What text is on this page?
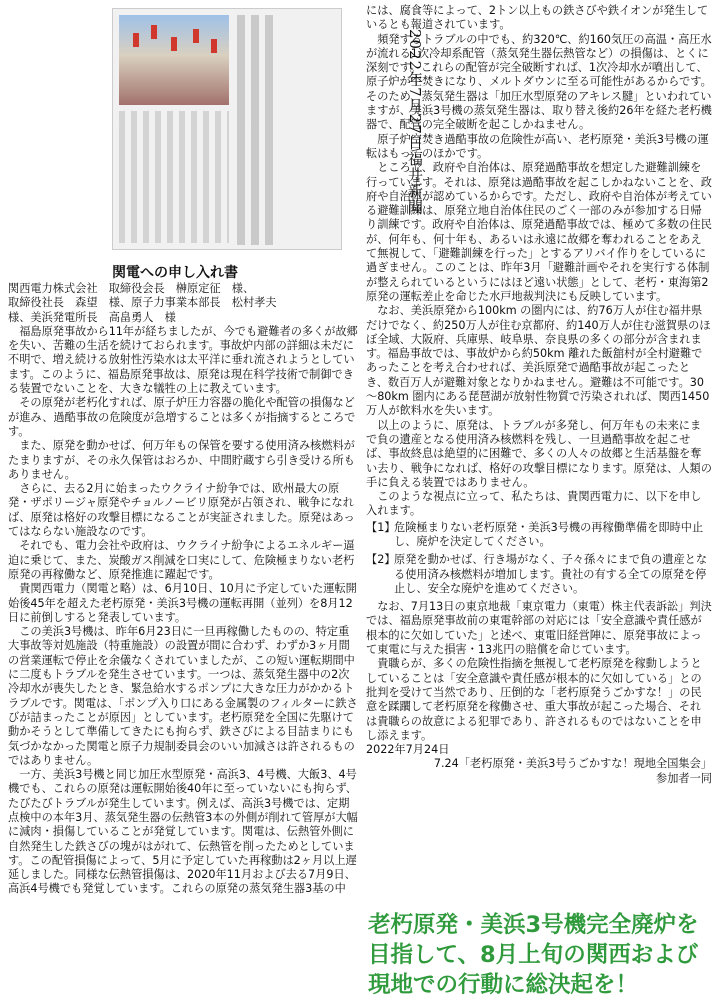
2022年7月27日福井新聞
関電への申し入れ書

関西電力株式会社　取締役会長　榊原定征　様、

取締役社長　森望　様、原子力事業本部長　松村孝夫

様、美浜発電所長　高畠勇人　様

福島原発事故から11年が経ちましたが、今でも避難者の多くが故郷を失い、苦難の生活を続けておられます。事故炉内部の詳細は未だに不明で、増え続ける放射性汚染水は太平洋に垂れ流されようとしています。このように、福島原発事故は、原発は現在科学技術で制御できる装置でないことを、大きな犠牲の上に教えています。

その原発が老朽化すれば、原子炉圧力容器の脆化や配管の損傷などが進み、過酷事故の危険度が急増することは多くが指摘するところです。

また、原発を動かせば、何万年もの保管を要する使用済み核燃料がたまりますが、その永久保管はおろか、中間貯蔵すら引き受ける所もありません。

さらに、去る2月に始まったウクライナ紛争では、欧州最大の原発・ザポリージャ原発やチョルノービリ原発が占領され、戦争になれば、原発は格好の攻撃目標になることが実証されました。原発はあってはならない施設なのです。

それでも、電力会社や政府は、ウクライナ紛争によるエネルギー逼迫に乗じて、また、炭酸ガス削減を口実にして、危険極まりない老朽原発の再稼働など、原発推進に躍起です。

貴関西電力（関電と略）は、6月10日、10月に予定していた運転開始後45年を超えた老朽原発・美浜3号機の運転再開（並列）を8月12日に前倒しすると発表しています。

この美浜3号機は、昨年6月23日に一旦再稼働したものの、特定重大事故等対処施設（特重施設）の設置が間に合わず、わずか3ヶ月間の営業運転で停止を余儀なくされていましたが、この短い運転期間中に二度もトラブルを発生させています。一つは、蒸気発生器中の2次冷却水が喪失したとき、緊急給水するポンプに大きな圧力がかかるトラブルです。関電は、「ポンプ入り口にある金属製のフィルターに鉄さびが詰まったことが原因」としています。老朽原発を全国に先駆けて動かそうとして準備してきたにも拘らず、鉄さびによる目詰まりにも気づかなかった関電と原子力規制委員会のいい加減さは許されるものではありません。

一方、美浜3号機と同じ加圧水型原発・高浜3、4号機、大飯3、4号機でも、これらの原発は運転開始後40年に至っていないにも拘らず、たびたびトラブルが発生しています。例えば、高浜3号機では、定期点検中の本年3月、蒸気発生器の伝熱管3本の外側が削れて管厚が大幅に減肉・損傷していることが発覚しています。関電は、伝熱管外側に自然発生した鉄さびの塊がはがれて、伝熱管を削ったためとしています。この配管損傷によって、5月に予定していた再稼動は2ヶ月以上遅延しました。同様な伝熱管損傷は、2020年11月および去る7月9日、高浜4号機でも発覚しています。これらの原発の蒸気発生器3基の中

には、腐食等によって、2トン以上もの鉄さびや鉄イオンが発生しているとも報道されています。

頻発するトラブルの中でも、約320℃、約160気圧の高温・高圧水が流れる1次冷却系配管（蒸気発生器伝熱管など）の損傷は、とくに深刻です。これらの配管が完全破断すれば、1次冷却水が噴出して、原子炉が空焚きになり、メルトダウンに至る可能性があるからです。そのため、蒸気発生器は「加圧水型原発のアキレス腱」といわれていますが、美浜3号機の蒸気発生器は、取り替え後約26年を経た老朽機器で、配管の完全破断を起こしかねません。

原子炉空焚き過酷事故の危険性が高い、老朽原発・美浜3号機の運転はもってのほかです。

ところで、政府や自治体は、原発過酷事故を想定した避難訓練を行っています。それは、原発は過酷事故を起こしかねないことを、政府や自治体が認めているからです。ただし、政府や自治体が考えている避難訓練は、原発立地自治体住民のごく一部のみが参加する日帰り訓練です。政府や自治体は、原発過酷事故では、極めて多数の住民が、何年も、何十年も、あるいは永遠に故郷を奪われることをあえて無視して、「避難訓練を行った」とするアリバイ作りをしているに過ぎません。このことは、昨年3月「避難計画やそれを実行する体制が整えられているというにはほど遠い状態」として、老朽・東海第2原発の運転差止を命じた水戸地裁判決にも反映しています。

なお、美浜原発から100km の圏内には、約76万人が住む福井県だけでなく、約250万人が住む京都府、約140万人が住む滋賀県のほぼ全域、大阪府、兵庫県、岐阜県、奈良県の多くの部分が含まれます。福島事故では、事故炉から約50km 離れた飯舘村が全村避難であったことを考え合わせれば、美浜原発で過酷事故が起こったとき、数百万人が避難対象となりかねません。避難は不可能です。30～80km 圏内にある琵琶湖が放射性物質で汚染されれば、関西1450万人が飲料水を失います。

以上のように、原発は、トラブルが多発し、何万年もの未来にまで負の遺産となる使用済み核燃料を残し、一旦過酷事故を起こせば、事故終息は絶望的に困難で、多くの人々の故郷と生活基盤を奪い去り、戦争になれば、格好の攻撃目標になります。原発は、人類の手に負える装置ではありません。

このような視点に立って、私たちは、貴関西電力に、以下を申し入れます。

【1】
危険極まりない老朽原発・美浜3号機の再稼働準備を即時中止し、廃炉を決定してください。
【2】
原発を動かせば、行き場がなく、子々孫々にまで負の遺産となる使用済み核燃料が増加します。貴社の有する全ての原発を停止し、安全な廃炉を進めてください。

なお、7月13日の東京地裁「東京電力（東電）株主代表訴訟」判決では、福島原発事故前の東電幹部の対応には「安全意識や責任感が根本的に欠如していた」と述べ、東電旧経営陣に、原発事故によって東電に与えた損害・13兆円の賠償を命じています。

貴職らが、多くの危険性指摘を無視して老朽原発を稼動しようとしていることは「安全意識や責任感が根本的に欠如している」との批判を受けて当然であり、圧倒的な「老朽原発うごかすな！」の民意を蹂躙して老朽原発を稼働させ、重大事故が起こった場合、それは貴職らの故意による犯罪であり、許されるものではないことを申し添えます。

2022年7月24日

7.24「老朽原発・美浜3号うごかすな！現地全国集会」

参加者一同

老朽原発・美浜3号機完全廃炉を目指して、8月上旬の関西および現地での行動に総決起を！
